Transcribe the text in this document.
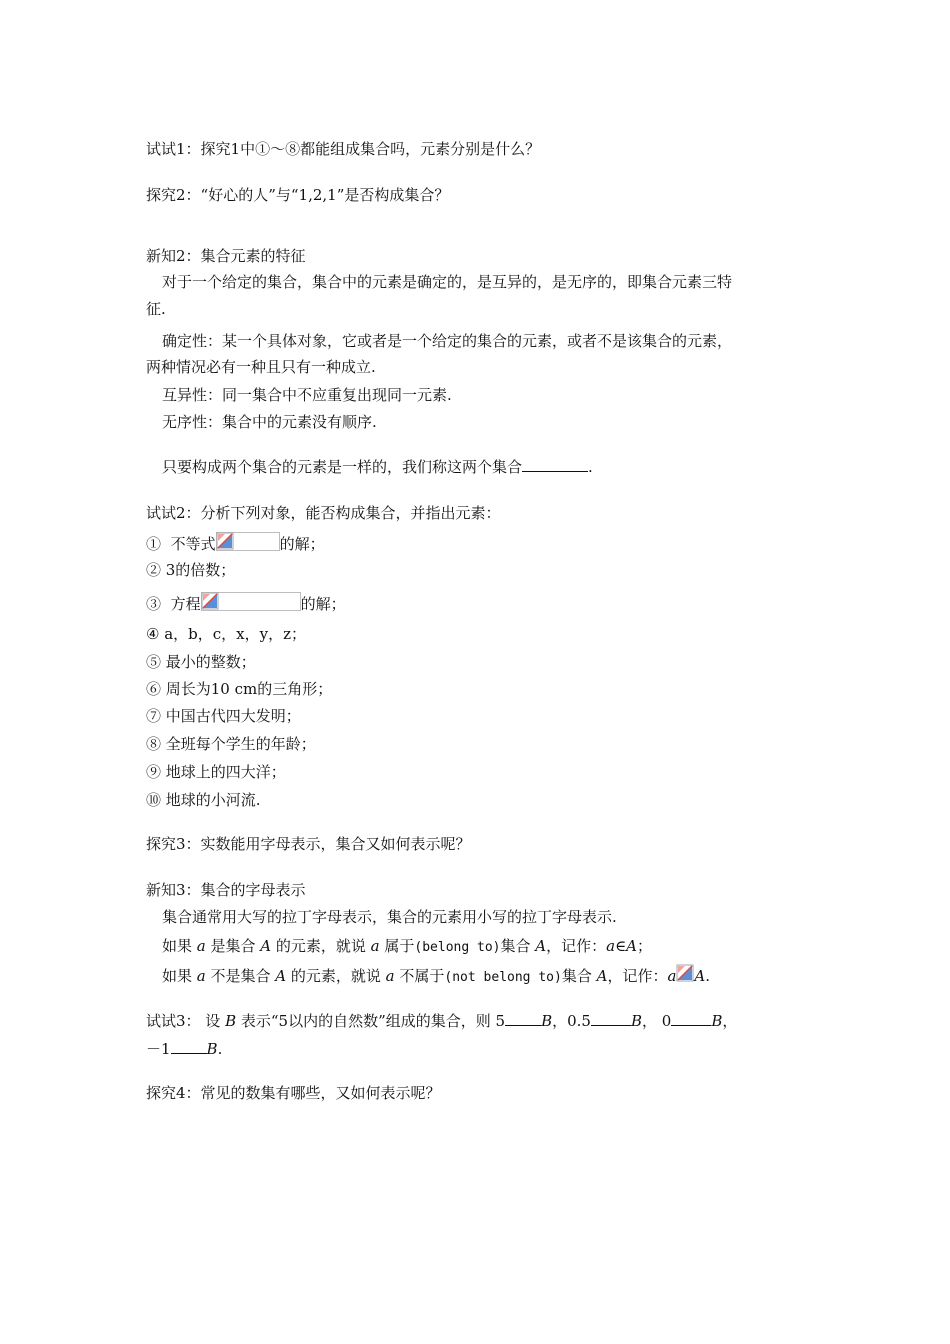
试试1：探究1中①～⑧都能组成集合吗，元素分别是什么？
探究2：“好心的人”与“1,2,1”是否构成集合？
新知2：集合元素的特征
对于一个给定的集合，集合中的元素是确定的，是互异的，是无序的，即集合元素三特
征.
确定性：某一个具体对象，它或者是一个给定的集合的元素，或者不是该集合的元素，
两种情况必有一种且只有一种成立.
互异性：同一集合中不应重复出现同一元素.
无序性：集合中的元素没有顺序.
只要构成两个集合的元素是一样的，我们称这两个集合	.
试试2：分析下列对象，能否构成集合，并指出元素：
① 不等式	的解；
② 3的倍数；
③ 方程	的解；
④ a，b，c，x，y，z；
⑤ 最小的整数；
⑥ 周长为10 cm的三角形；
⑦ 中国古代四大发明；
⑧ 全班每个学生的年龄；
⑨ 地球上的四大洋；
⑩ 地球的小河流.
探究3：实数能用字母表示，集合又如何表示呢？
新知3：集合的字母表示
集合通常用大写的拉丁字母表示，集合的元素用小写的拉丁字母表示.
如果 a 是集合 A 的元素，就说 a 属于(belong to)集合 A，记作：a∈A；
如果 a 不是集合 A 的元素，就说 a 不属于(not belong to)集合 A，记作：a A.
试试3： 设 B 表示“5以内的自然数”组成的集合，则 5 B，0.5	B， 0	B，
－1 B.
探究4：常见的数集有哪些，又如何表示呢？
